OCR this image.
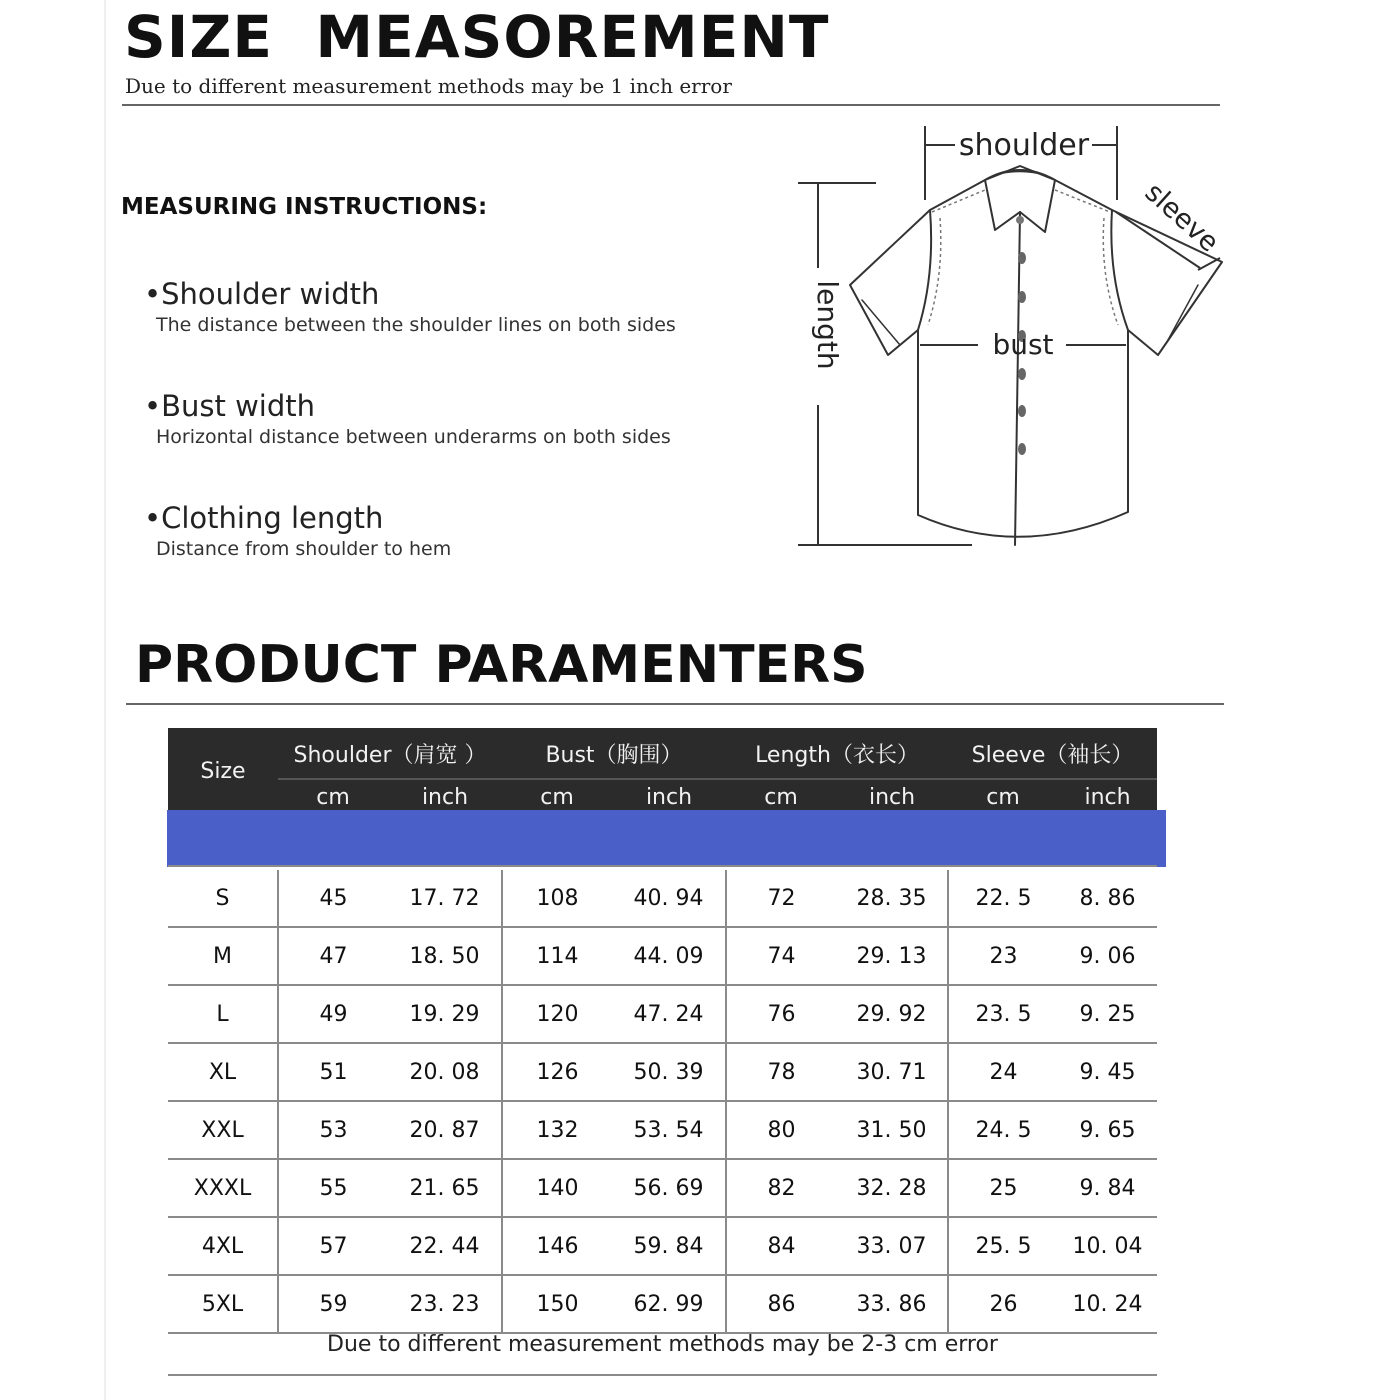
SIZE  MEASOREMENT
Due to different measurement methods may be 1 inch error
MEASURING INSTRUCTIONS:
•Shoulder width
The distance between the shoulder lines on both sides
•Bust width
Horizontal distance between underarms on both sides
•Clothing length
Distance from shoulder to hem
shoulder
bust
length
sleeve
PRODUCT PARAMENTERS
Size	Shoulder（肩宽 ）		Bust（胸围）		Length（衣长）		Sleeve（袖长）	
	cm	inch	cm	inch	cm	inch	cm	inch

S	45	17. 72	108	40. 94	72	28. 35	22. 5	8. 86
M	47	18. 50	114	44. 09	74	29. 13	23	9. 06
L	49	19. 29	120	47. 24	76	29. 92	23. 5	9. 25
XL	51	20. 08	126	50. 39	78	30. 71	24	9. 45
XXL	53	20. 87	132	53. 54	80	31. 50	24. 5	9. 65
XXXL	55	21. 65	140	56. 69	82	32. 28	25	9. 84
4XL	57	22. 44	146	59. 84	84	33. 07	25. 5	10. 04
5XL	59	23. 23	150	62. 99	86	33. 86	26	10. 24
Due to different measurement methods may be 2-3 cm error
